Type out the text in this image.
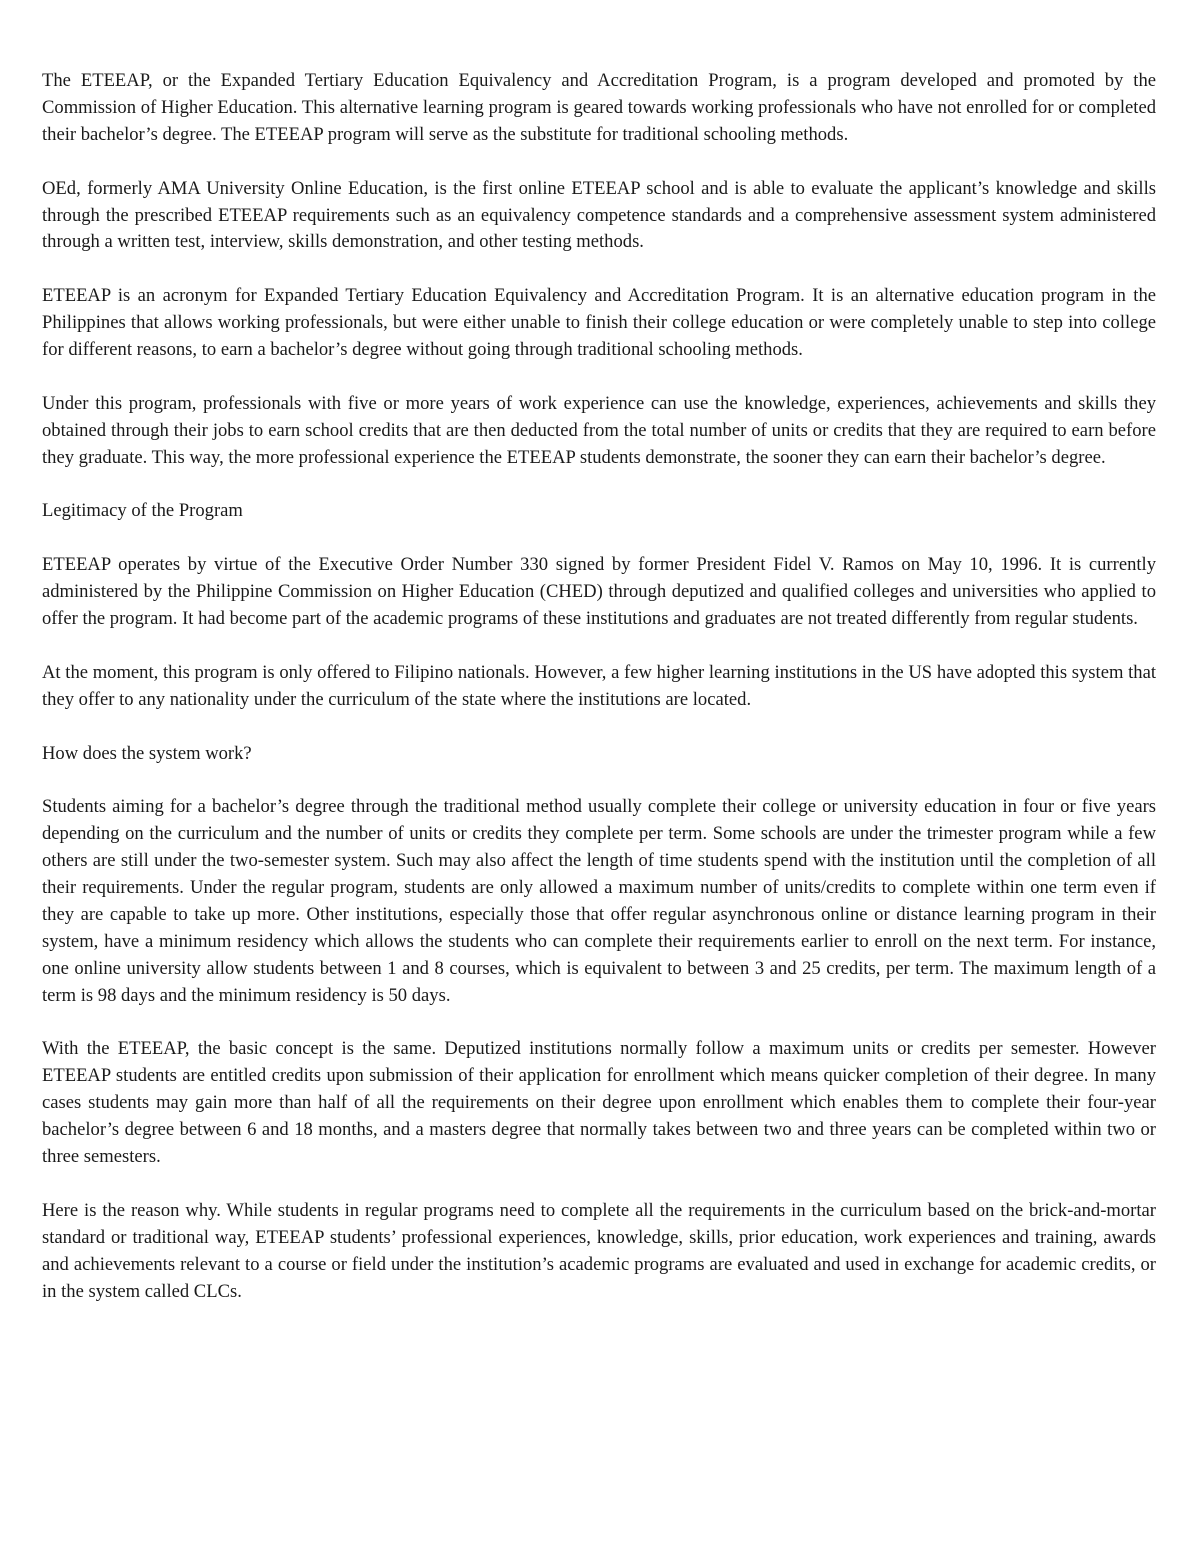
The ETEEAP, or the Expanded Tertiary Education Equivalency and Accreditation Program, is a program developed and promoted by the Commission of Higher Education. This alternative learning program is geared towards working professionals who have not enrolled for or completed their bachelor’s degree. The ETEEAP program will serve as the substitute for traditional schooling methods.

OEd, formerly AMA University Online Education, is the first online ETEEAP school and is able to evaluate the applicant’s knowledge and skills through the prescribed ETEEAP requirements such as an equivalency competence standards and a comprehensive assessment system administered through a written test, interview, skills demonstration, and other testing methods.

ETEEAP is an acronym for Expanded Tertiary Education Equivalency and Accreditation Program. It is an alternative education program in the Philippines that allows working professionals, but were either unable to finish their college education or were completely unable to step into college for different reasons, to earn a bachelor’s degree without going through traditional schooling methods.

Under this program, professionals with five or more years of work experience can use the knowledge, experiences, achievements and skills they obtained through their jobs to earn school credits that are then deducted from the total number of units or credits that they are required to earn before they graduate. This way, the more professional experience the ETEEAP students demonstrate, the sooner they can earn their bachelor’s degree.

Legitimacy of the Program

ETEEAP operates by virtue of the Executive Order Number 330 signed by former President Fidel V. Ramos on May 10, 1996. It is currently administered by the Philippine Commission on Higher Education (CHED) through deputized and qualified colleges and universities who applied to offer the program. It had become part of the academic programs of these institutions and graduates are not treated differently from regular students.

At the moment, this program is only offered to Filipino nationals. However, a few higher learning institutions in the US have adopted this system that they offer to any nationality under the curriculum of the state where the institutions are located.

How does the system work?

Students aiming for a bachelor’s degree through the traditional method usually complete their college or university education in four or five years depending on the curriculum and the number of units or credits they complete per term. Some schools are under the trimester program while a few others are still under the two-semester system. Such may also affect the length of time students spend with the institution until the completion of all their requirements. Under the regular program, students are only allowed a maximum number of units/credits to complete within one term even if they are capable to take up more. Other institutions, especially those that offer regular asynchronous online or distance learning program in their system, have a minimum residency which allows the students who can complete their requirements earlier to enroll on the next term. For instance, one online university allow students between 1 and 8 courses, which is equivalent to between 3 and 25 credits, per term. The maximum length of a term is 98 days and the minimum residency is 50 days.

With the ETEEAP, the basic concept is the same. Deputized institutions normally follow a maximum units or credits per semester. However ETEEAP students are entitled credits upon submission of their application for enrollment which means quicker completion of their degree. In many cases students may gain more than half of all the requirements on their degree upon enrollment which enables them to complete their four-year bachelor’s degree between 6 and 18 months, and a masters degree that normally takes between two and three years can be completed within two or three semesters.

Here is the reason why. While students in regular programs need to complete all the requirements in the curriculum based on the brick-and-mortar standard or traditional way, ETEEAP students’ professional experiences, knowledge, skills, prior education, work experiences and training, awards and achievements relevant to a course or field under the institution’s academic programs are evaluated and used in exchange for academic credits, or in the system called CLCs.
